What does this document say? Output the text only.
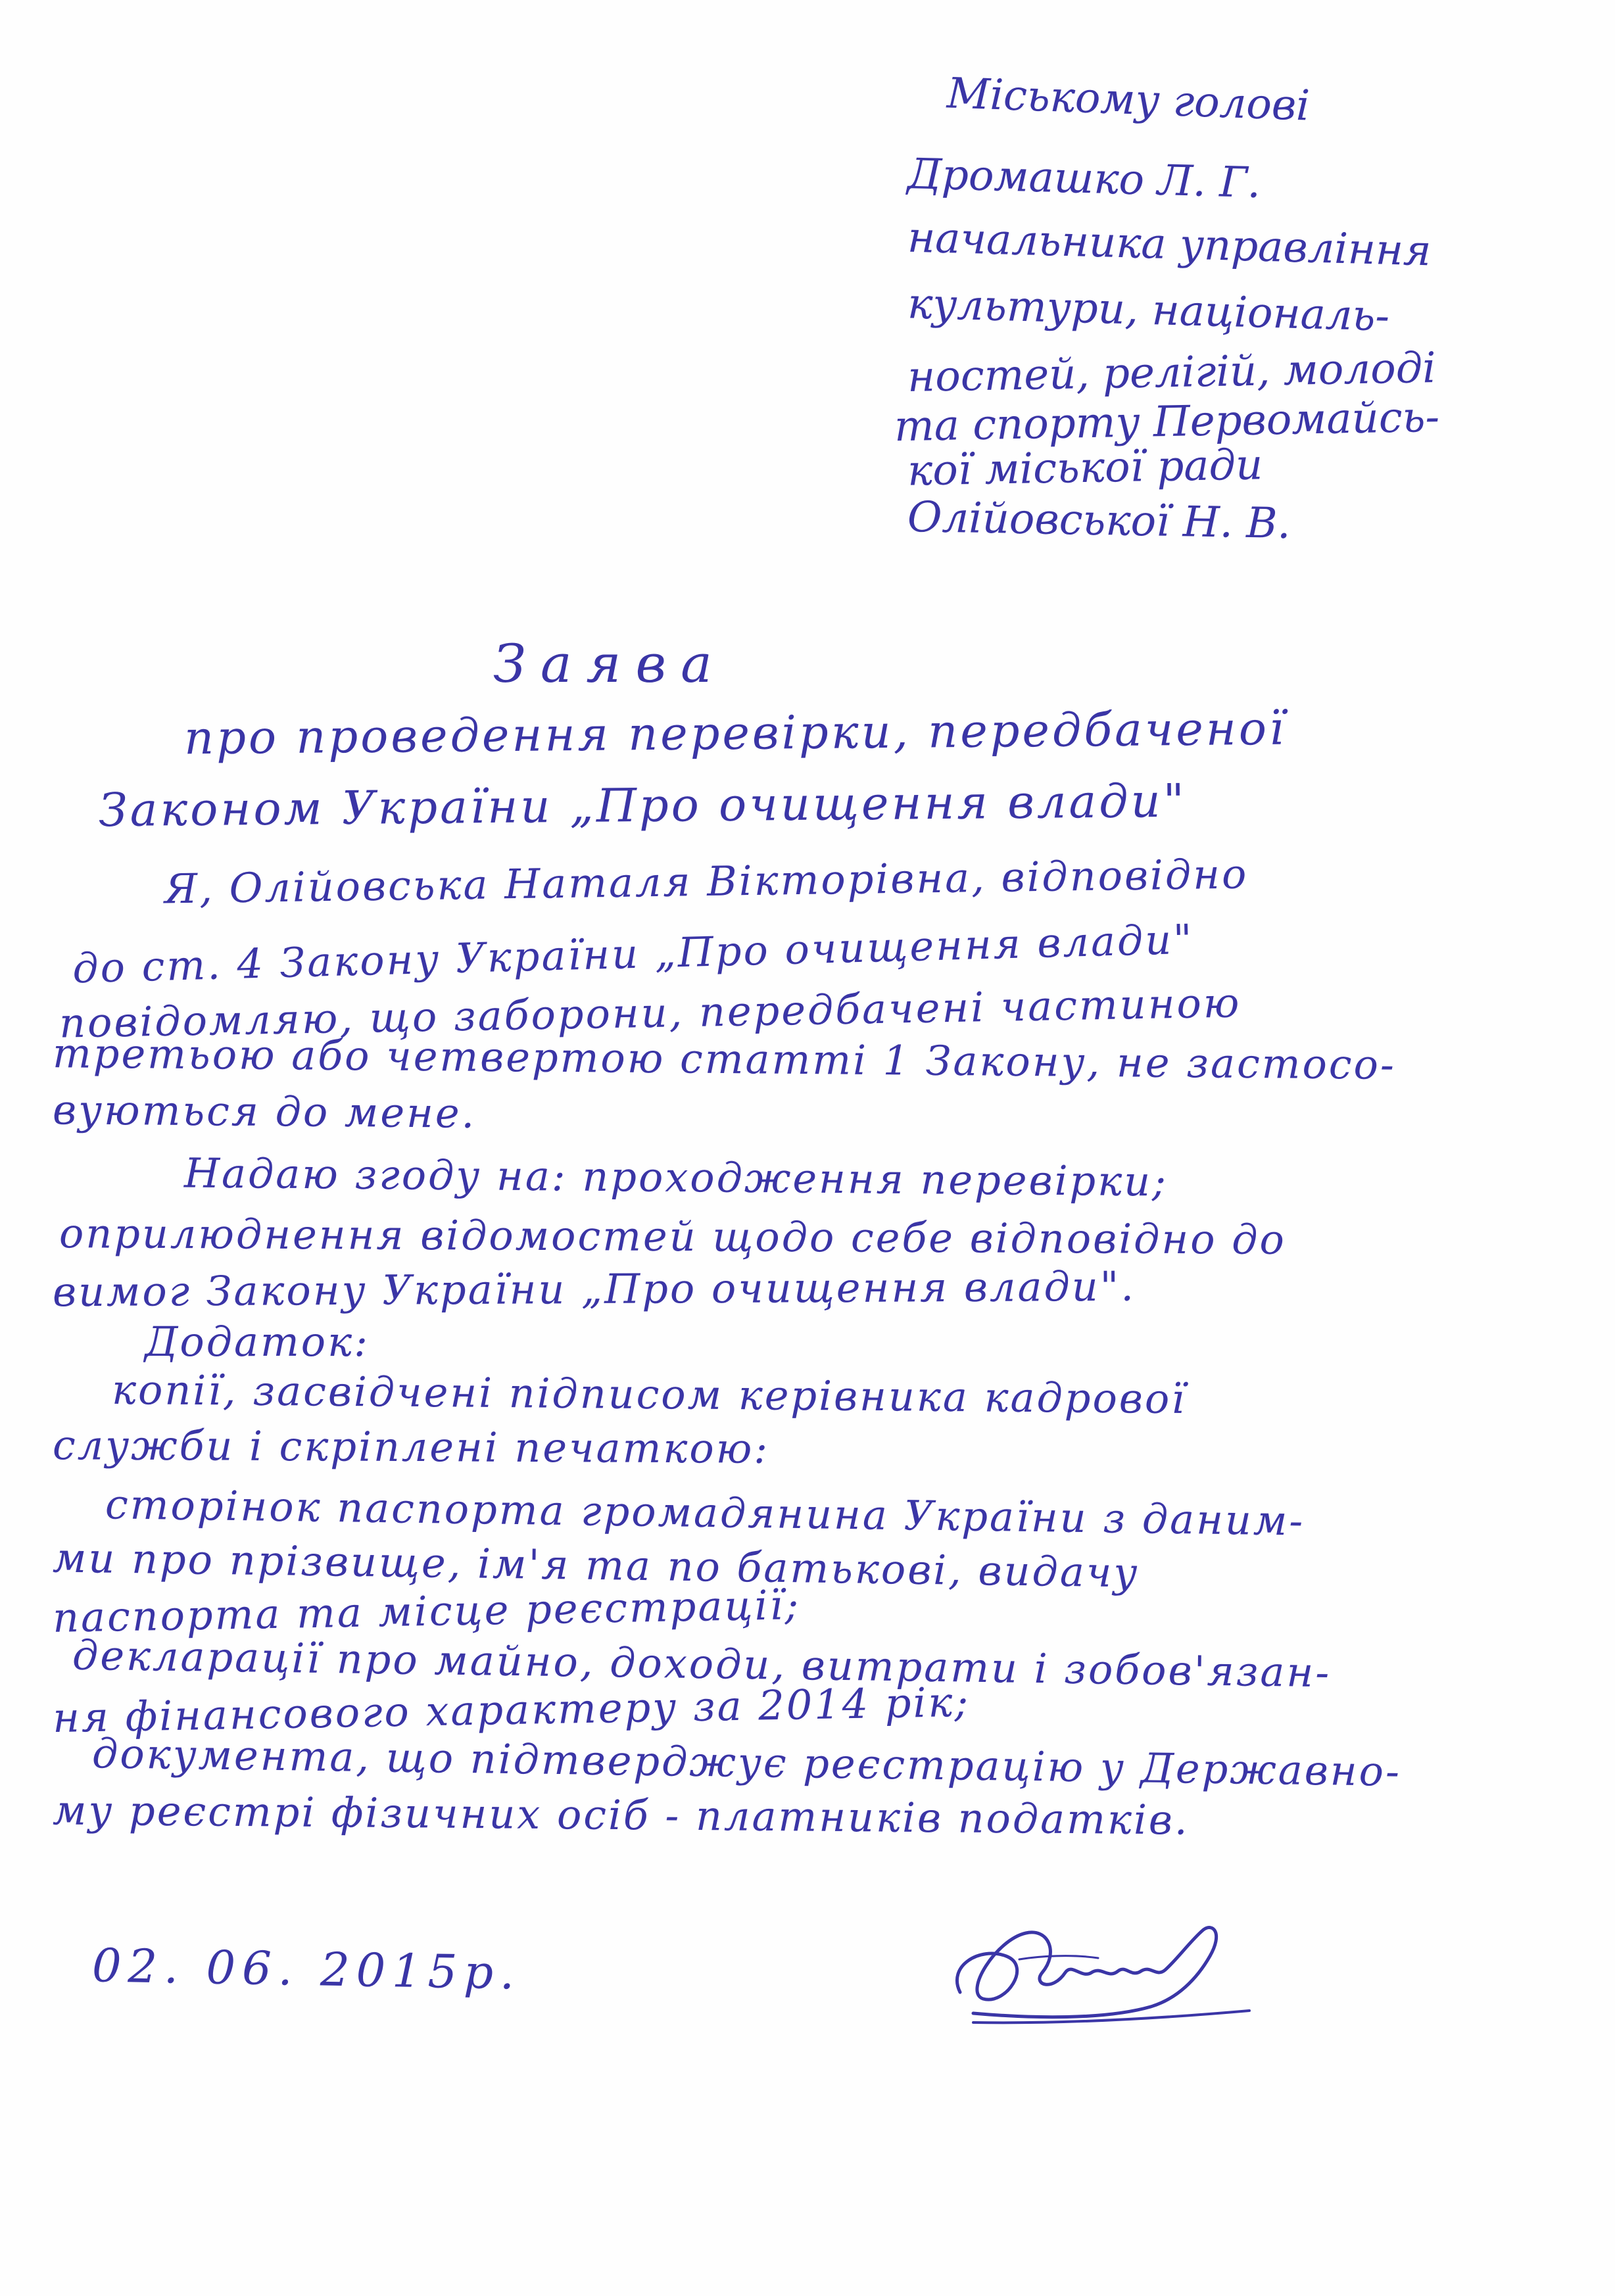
Міському голові

Дромашко Л. Г.

начальника управління

культури, національ-

ностей, релігій, молоді

та спорту Первомайсь-

кої міської ради

Олійовської Н. В.

Заява

про проведення перевірки, передбаченої

Законом України „Про очищення влади"

Я, Олійовська Наталя Вікторівна, відповідно

до ст. 4 Закону України „Про очищення влади"

повідомляю, що заборони, передбачені частиною

третьою або четвертою статті 1 Закону, не застосо-

вуються до мене.

Надаю згоду на: проходження перевірки;

оприлюднення відомостей щодо себе відповідно до

вимог Закону України „Про очищення влади".

Додаток:

копії, засвідчені підписом керівника кадрової

служби і скріплені печаткою:

сторінок паспорта громадянина України з даним-

ми про прізвище, ім'я та по батькові, видачу

паспорта та місце реєстрації;

декларації про майно, доходи, витрати і зобов'язан-

ня фінансового характеру за 2014 рік;

документа, що підтверджує реєстрацію у Державно-

му реєстрі фізичних осіб - платників податків.

02. 06. 2015р.
